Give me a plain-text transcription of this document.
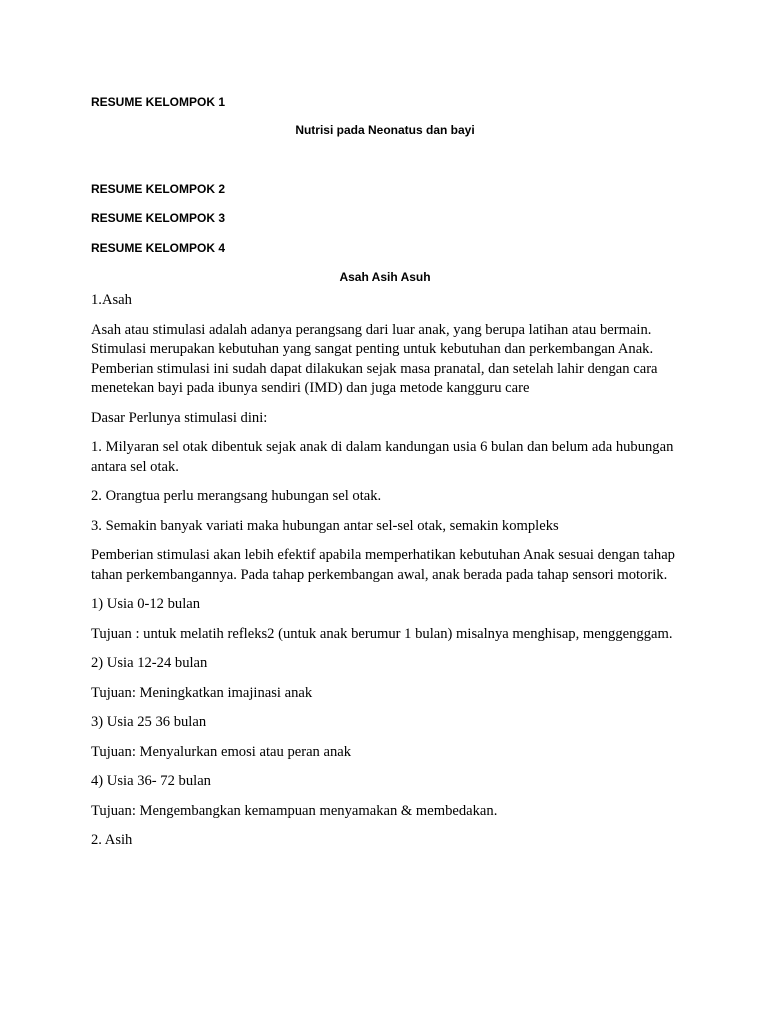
RESUME KELOMPOK 1

Nutrisi pada Neonatus dan bayi

RESUME KELOMPOK 2

RESUME KELOMPOK 3

RESUME KELOMPOK 4

Asah Asih Asuh

1.Asah

Asah atau stimulasi adalah adanya perangsang dari luar anak, yang berupa latihan atau bermain. Stimulasi merupakan kebutuhan yang sangat penting untuk kebutuhan dan perkembangan Anak. Pemberian stimulasi ini sudah dapat dilakukan sejak masa pranatal, dan setelah lahir dengan cara menetekan bayi pada ibunya sendiri (IMD) dan juga metode kangguru care

Dasar Perlunya stimulasi dini:

1. Milyaran sel otak dibentuk sejak anak di dalam kandungan usia 6 bulan dan belum ada hubungan antara sel otak.

2. Orangtua perlu merangsang hubungan sel otak.

3. Semakin banyak variati maka hubungan antar sel-sel otak, semakin kompleks

Pemberian stimulasi akan lebih efektif apabila memperhatikan kebutuhan Anak sesuai dengan tahap tahan perkembangannya. Pada tahap perkembangan awal, anak berada pada tahap sensori motorik.

1) Usia 0-12 bulan

Tujuan : untuk melatih refleks2 (untuk anak berumur 1 bulan) misalnya menghisap, menggenggam.

2) Usia 12-24 bulan

Tujuan: Meningkatkan imajinasi anak

3) Usia 25 36 bulan

Tujuan: Menyalurkan emosi atau peran anak

4) Usia 36- 72 bulan

Tujuan: Mengembangkan kemampuan menyamakan & membedakan.

2. Asih
